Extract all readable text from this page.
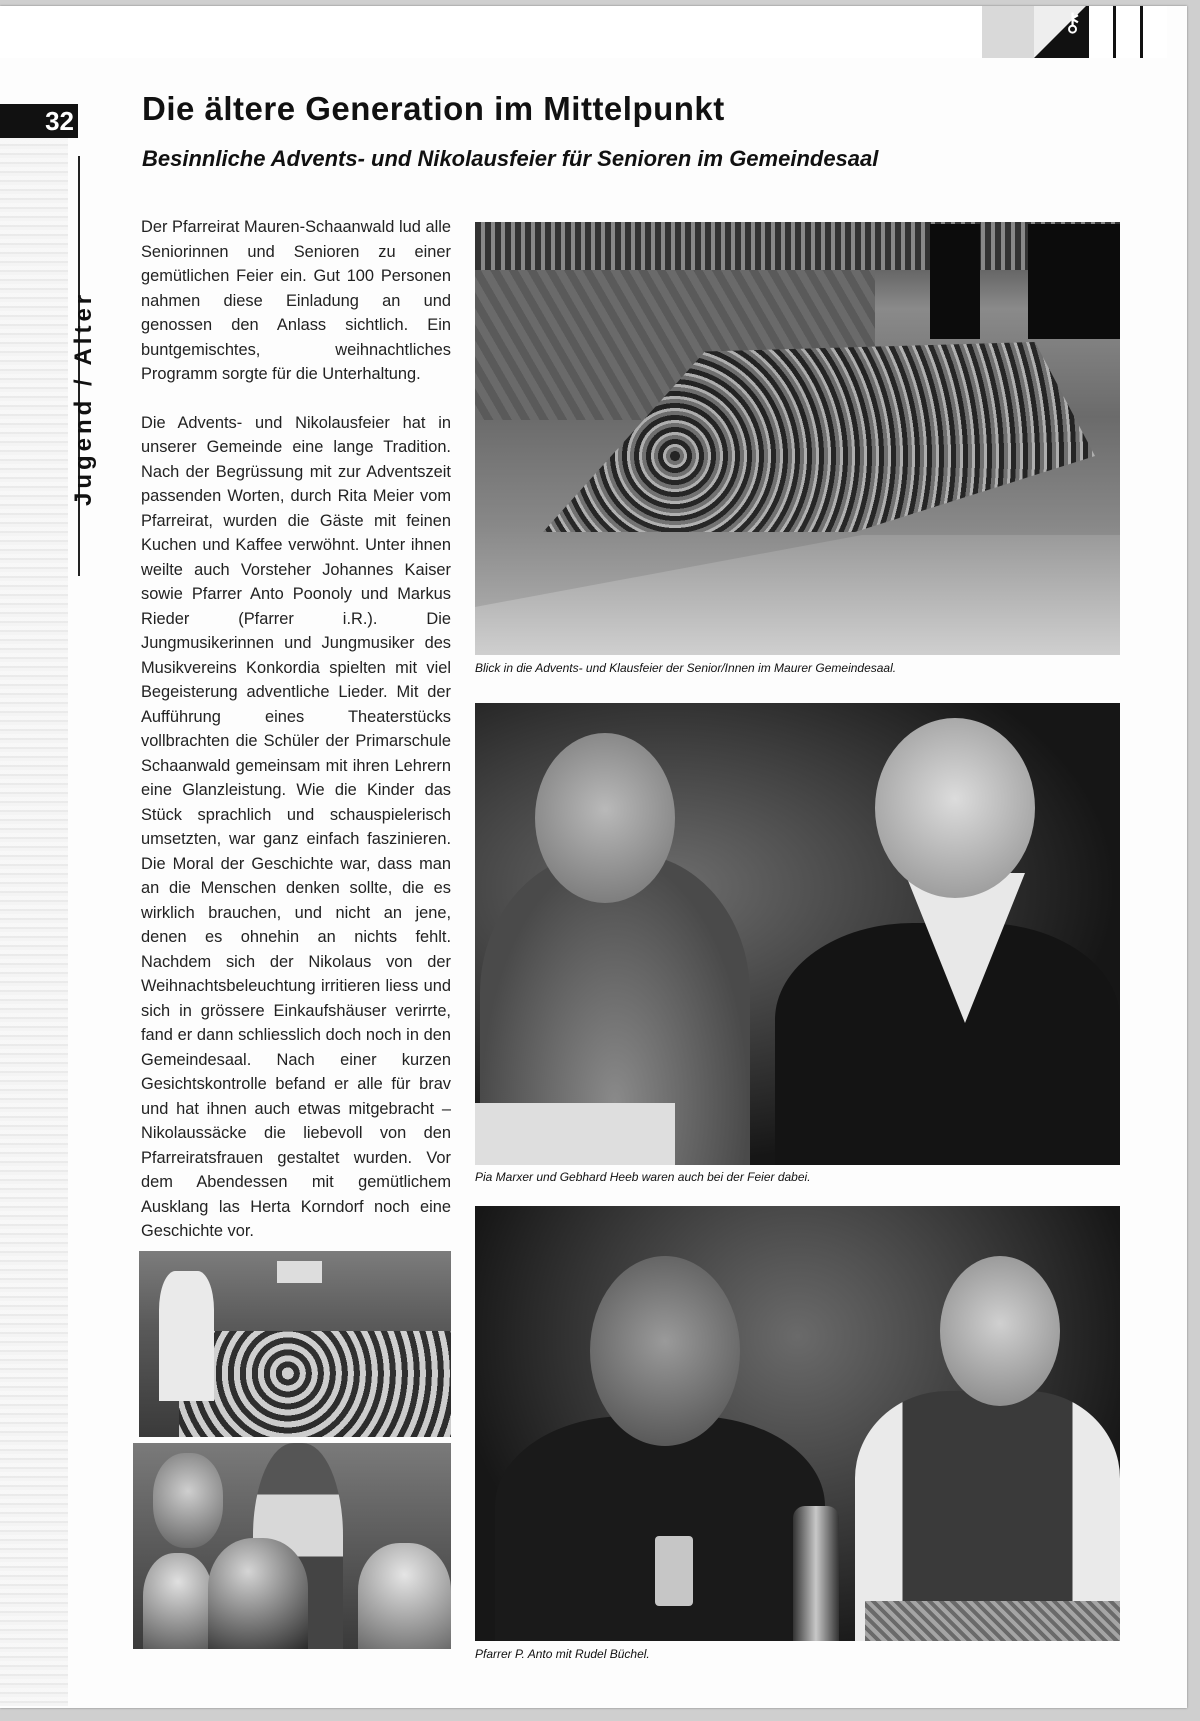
⚷
32
Jugend / Alter
Die ältere Generation im Mittelpunkt
Besinnliche Advents- und Nikolausfeier für Senioren im Gemeindesaal

Der Pfarreirat Mauren-Schaanwald lud alle Seniorinnen und Senioren zu einer gemütlichen Feier ein. Gut 100 Personen nahmen diese Einladung an und genossen den Anlass sichtlich. Ein buntgemischtes, weihnachtliches Programm sorgte für die Unterhaltung.

Die Advents- und Nikolausfeier hat in unserer Gemeinde eine lange Tradition. Nach der Begrüssung mit zur Adventszeit passenden Worten, durch Rita Meier vom Pfarreirat, wurden die Gäste mit feinen Kuchen und Kaffee verwöhnt. Unter ihnen weilte auch Vorsteher Johannes Kaiser sowie Pfarrer Anto Poonoly und Markus Rieder (Pfarrer i.R.). Die Jungmusikerinnen und Jungmusiker des Musikvereins Konkordia spielten mit viel Begeisterung adventliche Lieder. Mit der Aufführung eines Theaterstücks vollbrachten die Schüler der Primarschule Schaanwald gemeinsam mit ihren Lehrern eine Glanzleistung. Wie die Kinder das Stück sprachlich und schauspielerisch umsetzten, war ganz einfach faszinieren. Die Moral der Geschichte war, dass man an die Menschen denken sollte, die es wirklich brauchen, und nicht an jene, denen es ohnehin an nichts fehlt. Nachdem sich der Nikolaus von der Weihnachtsbeleuchtung irritieren liess und sich in grössere Einkaufshäuser verirrte, fand er dann schliesslich doch noch in den Gemeindesaal. Nach einer kurzen Gesichtskontrolle befand er alle für brav und hat ihnen auch etwas mitgebracht – Nikolaussäcke die liebevoll von den Pfarreiratsfrauen gestaltet wurden. Vor dem Abendessen mit gemütlichem Ausklang las Herta Korndorf noch eine Geschichte vor.

Blick in die Advents- und Klausfeier der Senior/Innen im Maurer Gemeindesaal.
Pia Marxer und Gebhard Heeb waren auch bei der Feier dabei.
Pfarrer P. Anto mit Rudel Büchel.
